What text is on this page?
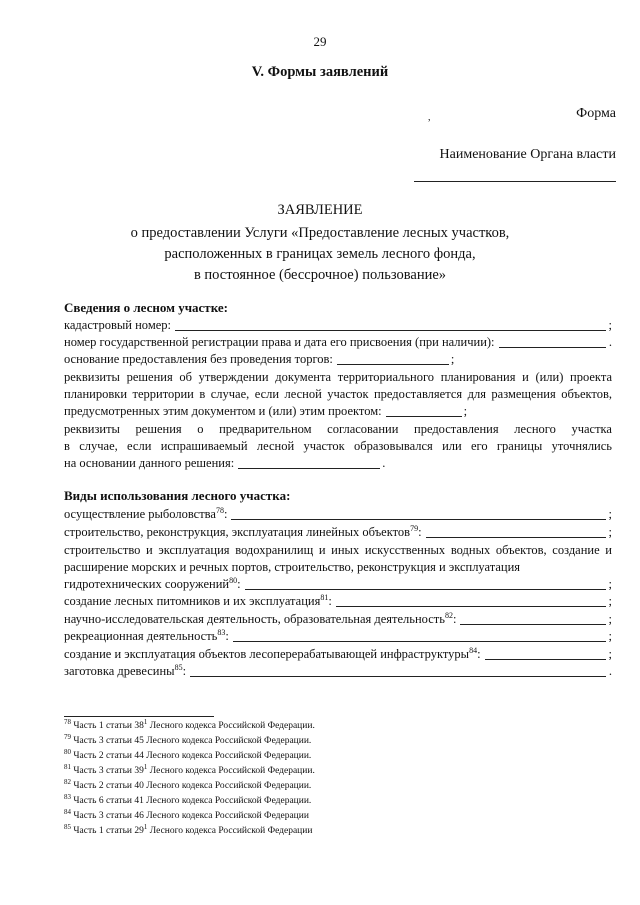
29
V. Формы заявлений
Форма
,
Наименование Органа власти
ЗАЯВЛЕНИЕ
о предоставлении Услуги «Предоставление лесных участков,
расположенных в границах земель лесного фонда,
в постоянное (бессрочное) пользование»
Сведения о лесном участке:
кадастровый номер:	;
номер государственной регистрации права и дата его присвоения (при наличии):	.
основание предоставления без проведения торгов:	;
реквизиты решения об утверждении документа территориального планирования и (или) проекта
планировки территории в случае, если лесной участок предоставляется для размещения объектов,
предусмотренных этим документом и (или) этим проектом:	;
реквизиты решения о предварительном согласовании предоставления лесного участка
в случае, если испрашиваемый лесной участок образовывался или его границы уточнялись
на основании данного решения:	.
Виды использования лесного участка:
осуществление рыболовства$^{78}$:	;
строительство, реконструкция, эксплуатация линейных объектов$^{79}$:	;
строительство и эксплуатация водохранилищ и иных искусственных водных объектов, создание и
расширение морских и речных портов, строительство, реконструкция и эксплуатация
гидротехнических сооружений$^{80}$:	;
создание лесных питомников и их эксплуатация$^{81}$:	;
научно-исследовательская деятельность, образовательная деятельность$^{82}$:	;
рекреационная деятельность$^{83}$:	;
создание и эксплуатация объектов лесоперерабатывающей инфраструктуры$^{84}$:	;
заготовка древесины$^{85}$:	.
$^{78}$ Часть 1 статьи $38^1$ Лесного кодекса Российской Федерации.
$^{79}$ Часть 3 статьи 45 Лесного кодекса Российской Федерации.
$^{80}$ Часть 2 статьи 44 Лесного кодекса Российской Федерации.
$^{81}$ Часть 3 статьи $39^1$ Лесного кодекса Российской Федерации.
$^{82}$ Часть 2 статьи 40 Лесного кодекса Российской Федерации.
$^{83}$ Часть 6 статьи 41 Лесного кодекса Российской Федерации.
$^{84}$ Часть 3 статьи 46 Лесного кодекса Российской Федерации
$^{85}$ Часть 1 статьи $29^1$ Лесного кодекса Российской Федерации
